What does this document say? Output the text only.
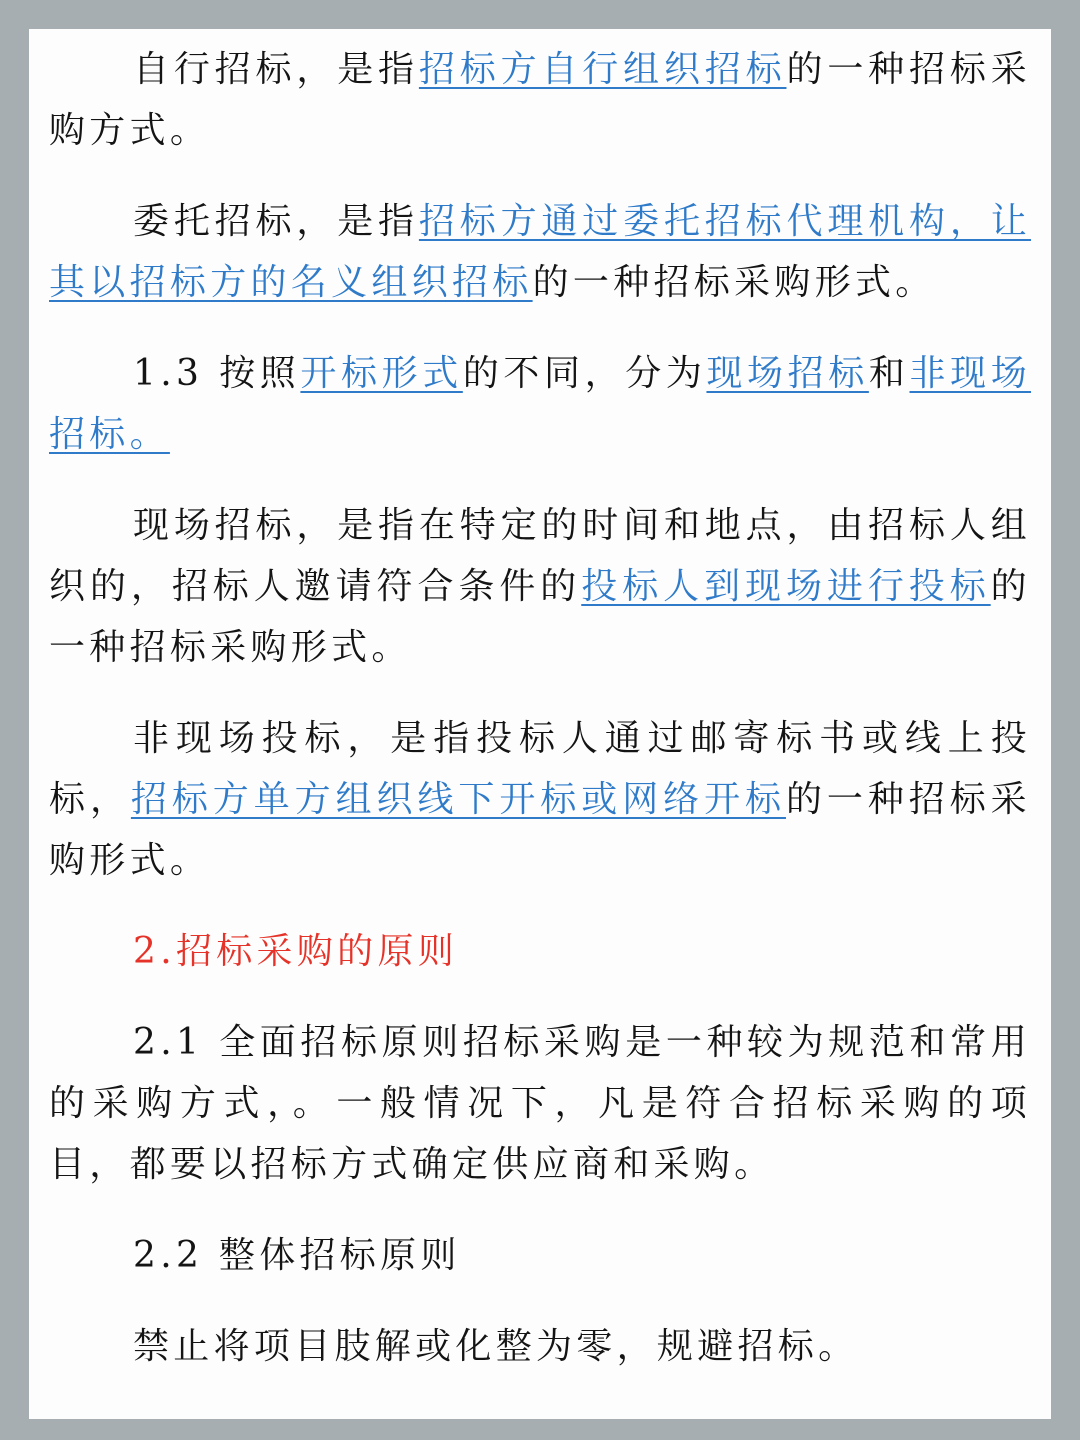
自行招标，是指招标方自行组织招标的一种招标采购方式。

委托招标，是指招标方通过委托招标代理机构，让其以招标方的名义组织招标的一种招标采购形式。

1.3 按照开标形式的不同，分为现场招标和非现场招标。

现场招标，是指在特定的时间和地点，由招标人组织的，招标人邀请符合条件的投标人到现场进行投标的一种招标采购形式。

非现场投标，是指投标人通过邮寄标书或线上投标，招标方单方组织线下开标或网络开标的一种招标采购形式。

2.招标采购的原则

2.1 全面招标原则招标采购是一种较为规范和常用的采购方式，。一般情况下，凡是符合招标采购的项目，都要以招标方式确定供应商和采购。

2.2 整体招标原则

禁止将项目肢解或化整为零，规避招标。
